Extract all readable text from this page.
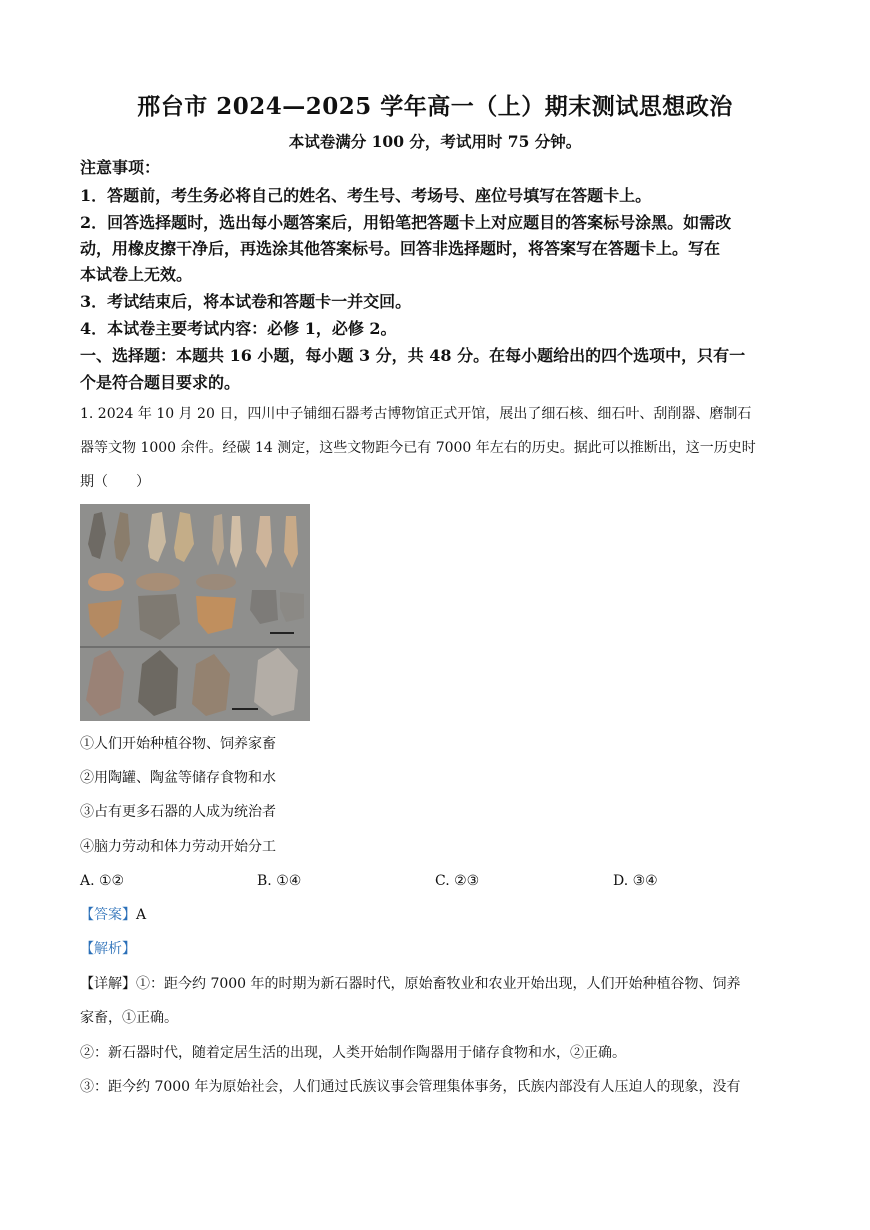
邢台市 2024—2025 学年高一（上）期末测试思想政治
本试卷满分 100 分，考试用时 75 分钟。
注意事项：
1．答题前，考生务必将自己的姓名、考生号、考场号、座位号填写在答题卡上。
2．回答选择题时，选出每小题答案后，用铅笔把答题卡上对应题目的答案标号涂黑。如需改
动，用橡皮擦干净后，再选涂其他答案标号。回答非选择题时，将答案写在答题卡上。写在
本试卷上无效。
3．考试结束后，将本试卷和答题卡一并交回。
4．本试卷主要考试内容：必修 1，必修 2。
一、选择题：本题共 16 小题，每小题 3 分，共 48 分。在每小题给出的四个选项中，只有一
个是符合题目要求的。
1. 2024 年 10 月 20 日，四川中子铺细石器考古博物馆正式开馆，展出了细石核、细石叶、刮削器、磨制石
器等文物 1000 余件。经碳 14 测定，这些文物距今已有 7000 年左右的历史。据此可以推断出，这一历史时
期（　　）
①人们开始种植谷物、饲养家畜
②用陶罐、陶盆等储存食物和水
③占有更多石器的人成为统治者
④脑力劳动和体力劳动开始分工
A. ①②	B. ①④	C. ②③	D. ③④
【答案】A
【解析】
【详解】①：距今约 7000 年的时期为新石器时代，原始畜牧业和农业开始出现，人们开始种植谷物、饲养
家畜，①正确。
②：新石器时代，随着定居生活的出现，人类开始制作陶器用于储存食物和水，②正确。
③：距今约 7000 年为原始社会，人们通过氏族议事会管理集体事务，氏族内部没有人压迫人的现象，没有
